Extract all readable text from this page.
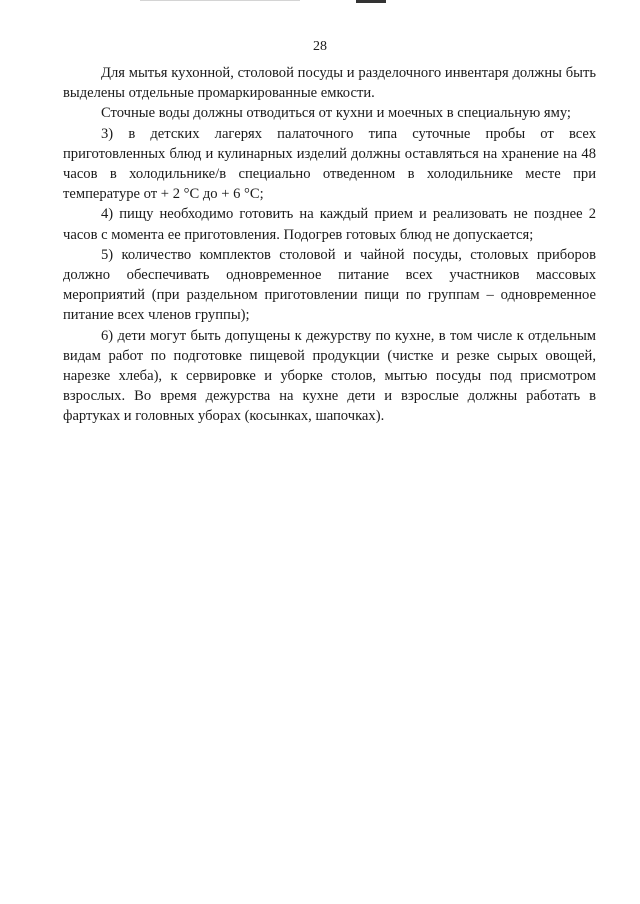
28

Для мытья кухонной, столовой посуды и разделочного инвентаря должны быть выделены отдельные промаркированные емкости.

Сточные воды должны отводиться от кухни и моечных в специальную яму;

3) в детских лагерях палаточного типа суточные пробы от всех приготовленных блюд и кулинарных изделий должны оставляться на хранение на 48 часов в холодильнике/в специально отведенном в холодильнике месте при температуре от + 2 °С до + 6 °С;

4) пищу необходимо готовить на каждый прием и реализовать не позднее 2 часов с момента ее приготовления. Подогрев готовых блюд не допускается;

5) количество комплектов столовой и чайной посуды, столовых приборов должно обеспечивать одновременное питание всех участников массовых мероприятий (при раздельном приготовлении пищи по группам – одновременное питание всех членов группы);

6) дети могут быть допущены к дежурству по кухне, в том числе к отдельным видам работ по подготовке пищевой продукции (чистке и резке сырых овощей, нарезке хлеба), к сервировке и уборке столов, мытью посуды под присмотром взрослых. Во время дежурства на кухне дети и взрослые должны работать в фартуках и головных уборах (косынках, шапочках).
